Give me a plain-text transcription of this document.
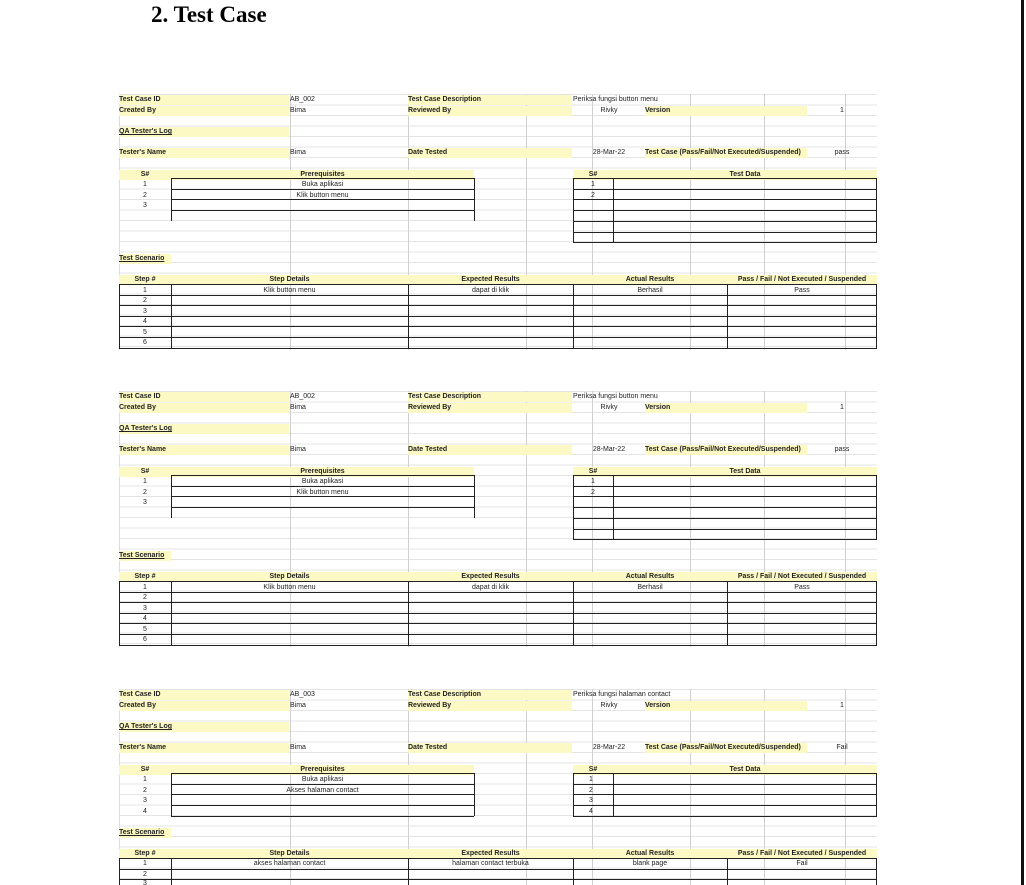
2. Test Case
Test Case ID	AB_002	Test Case Description	Periksa fungsi button menu
Created By	Bima	Reviewed By	Rivky	Version	1
QA Tester's Log
Tester's Name	Bima	Date Tested	28-Mar-22	Test Case (Pass/Fail/Not Executed/Suspended)	pass
S#	Prerequisites
1	Buka aplikasi
2	Klik button menu
3
S#	Test Data
1
2
Test Scenario
Step #	Step Details	Expected Results	Actual Results	Pass / Fail / Not Executed / Suspended
1	Klik button menu	dapat di klik	Berhasil	Pass
2
3
4
5
6
Test Case ID	AB_002	Test Case Description	Periksa fungsi button menu
Created By	Bima	Reviewed By	Rivky	Version	1
QA Tester's Log
Tester's Name	Bima	Date Tested	28-Mar-22	Test Case (Pass/Fail/Not Executed/Suspended)	pass
S#	Prerequisites
1	Buka aplikasi
2	Klik button menu
3
S#	Test Data
1
2
Test Scenario
Step #	Step Details	Expected Results	Actual Results	Pass / Fail / Not Executed / Suspended
1	Klik button menu	dapat di klik	Berhasil	Pass
2
3
4
5
6
Test Case ID	AB_003	Test Case Description	Periksa fungsi halaman contact
Created By	Bima	Reviewed By	Rivky	Version	1
QA Tester's Log
Tester's Name	Bima	Date Tested	28-Mar-22	Test Case (Pass/Fail/Not Executed/Suspended)	Fail
S#	Prerequisites
1	Buka aplikasi
2	Akses halaman contact
3
4
S#	Test Data
1
2
3
4
Test Scenario
Step #	Step Details	Expected Results	Actual Results	Pass / Fail / Not Executed / Suspended
1	akses halaman contact	halaman contact terbuka	blank page	Fail
2
3
